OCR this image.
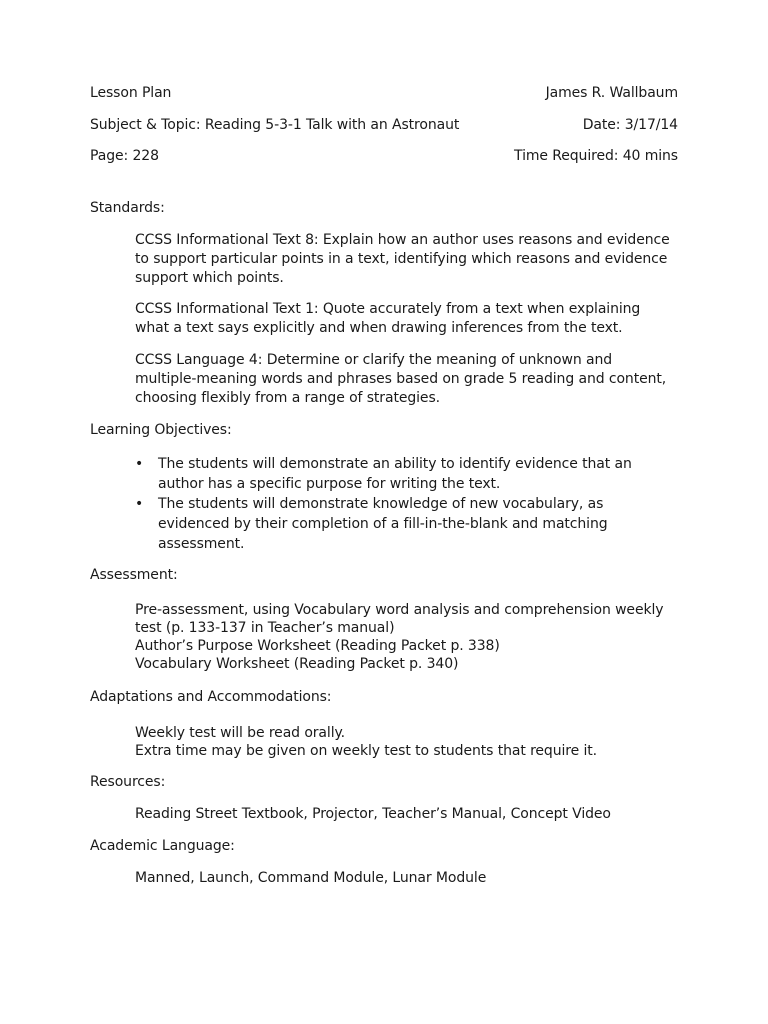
Lesson Plan	James R. Wallbaum
Subject & Topic: Reading 5-3-1 Talk with an Astronaut	Date: 3/17/14
Page: 228	Time Required: 40 mins
Standards:
CCSS Informational Text 8: Explain how an author uses reasons and evidence
to support particular points in a text, identifying which reasons and evidence
support which points.
CCSS Informational Text 1: Quote accurately from a text when explaining
what a text says explicitly and when drawing inferences from the text.
CCSS Language 4: Determine or clarify the meaning of unknown and
multiple-meaning words and phrases based on grade 5 reading and content,
choosing flexibly from a range of strategies.
Learning Objectives:
• The students will demonstrate an ability to identify evidence that an
author has a specific purpose for writing the text.
• The students will demonstrate knowledge of new vocabulary, as
evidenced by their completion of a fill-in-the-blank and matching
assessment.
Assessment:
Pre-assessment, using Vocabulary word analysis and comprehension weekly
test (p. 133-137 in Teacher’s manual)
Author’s Purpose Worksheet (Reading Packet p. 338)
Vocabulary Worksheet (Reading Packet p. 340)
Adaptations and Accommodations:
Weekly test will be read orally.
Extra time may be given on weekly test to students that require it.
Resources:
Reading Street Textbook, Projector, Teacher’s Manual, Concept Video
Academic Language:
Manned, Launch, Command Module, Lunar Module
